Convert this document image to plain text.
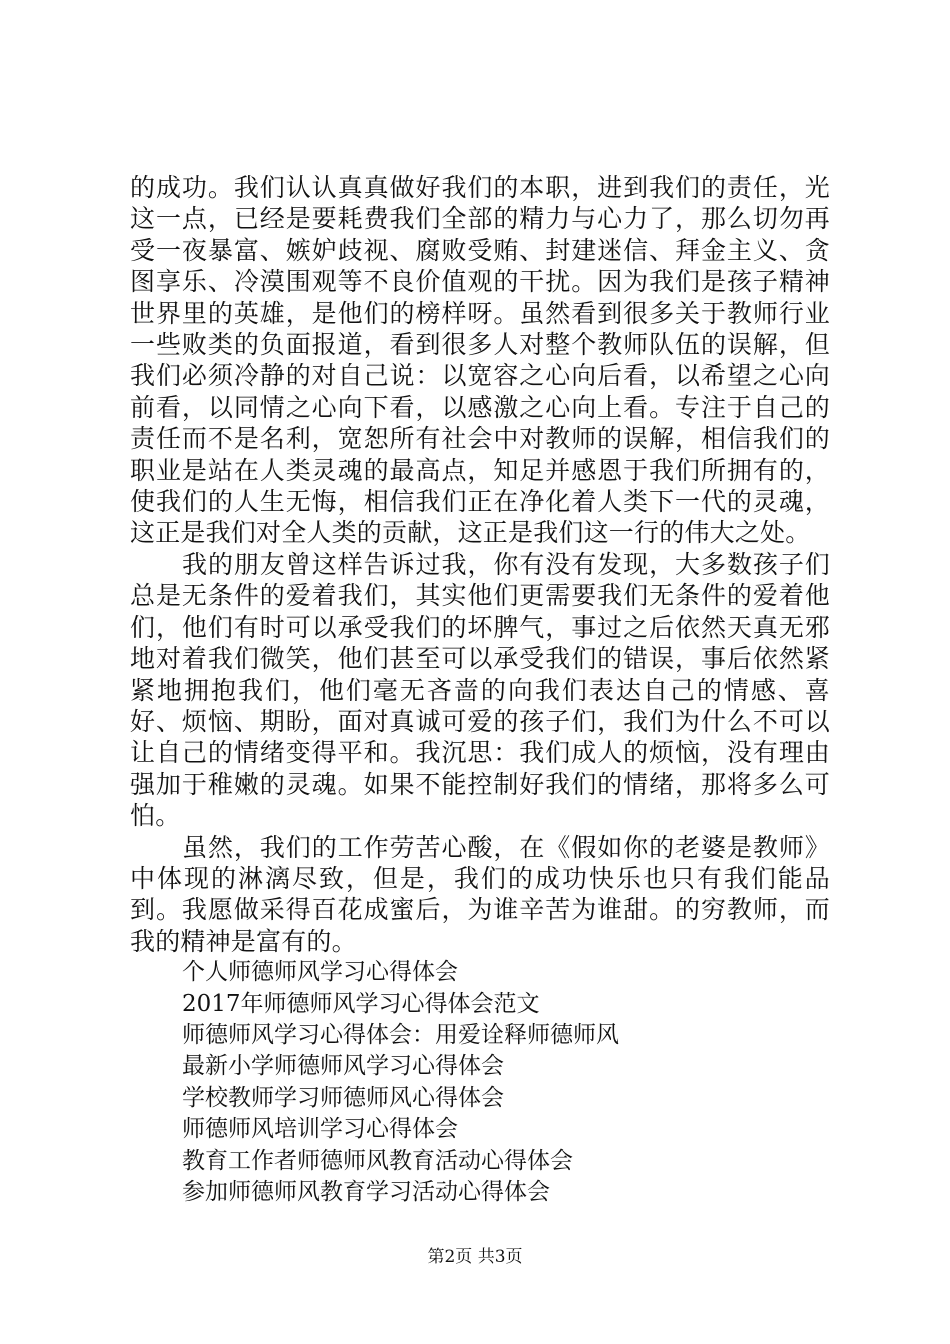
的成功。我们认认真真做好我们的本职，进到我们的责任，光这一点，已经是要耗费我们全部的精力与心力了，那么切勿再受一夜暴富、嫉妒歧视、腐败受贿、封建迷信、拜金主义、贪图享乐、冷漠围观等不良价值观的干扰。因为我们是孩子精神世界里的英雄，是他们的榜样呀。虽然看到很多关于教师行业一些败类的负面报道，看到很多人对整个教师队伍的误解，但我们必须冷静的对自己说：以宽容之心向后看，以希望之心向前看，以同情之心向下看，以感激之心向上看。专注于自己的责任而不是名利，宽恕所有社会中对教师的误解，相信我们的职业是站在人类灵魂的最高点，知足并感恩于我们所拥有的，使我们的人生无悔，相信我们正在净化着人类下一代的灵魂，这正是我们对全人类的贡献，这正是我们这一行的伟大之处。

我的朋友曾这样告诉过我，你有没有发现，大多数孩子们总是无条件的爱着我们，其实他们更需要我们无条件的爱着他们，他们有时可以承受我们的坏脾气，事过之后依然天真无邪地对着我们微笑，他们甚至可以承受我们的错误，事后依然紧紧地拥抱我们，他们毫无吝啬的向我们表达自己的情感、喜好、烦恼、期盼，面对真诚可爱的孩子们，我们为什么不可以让自己的情绪变得平和。我沉思：我们成人的烦恼，没有理由强加于稚嫩的灵魂。如果不能控制好我们的情绪，那将多么可怕。

虽然，我们的工作劳苦心酸，在《假如你的老婆是教师》中体现的淋漓尽致，但是，我们的成功快乐也只有我们能品到。我愿做采得百花成蜜后，为谁辛苦为谁甜。的穷教师，而我的精神是富有的。

个人师德师风学习心得体会
2017年师德师风学习心得体会范文
师德师风学习心得体会：用爱诠释师德师风
最新小学师德师风学习心得体会
学校教师学习师德师风心得体会
师德师风培训学习心得体会
教育工作者师德师风教育活动心得体会
参加师德师风教育学习活动心得体会
第2页 共3页
